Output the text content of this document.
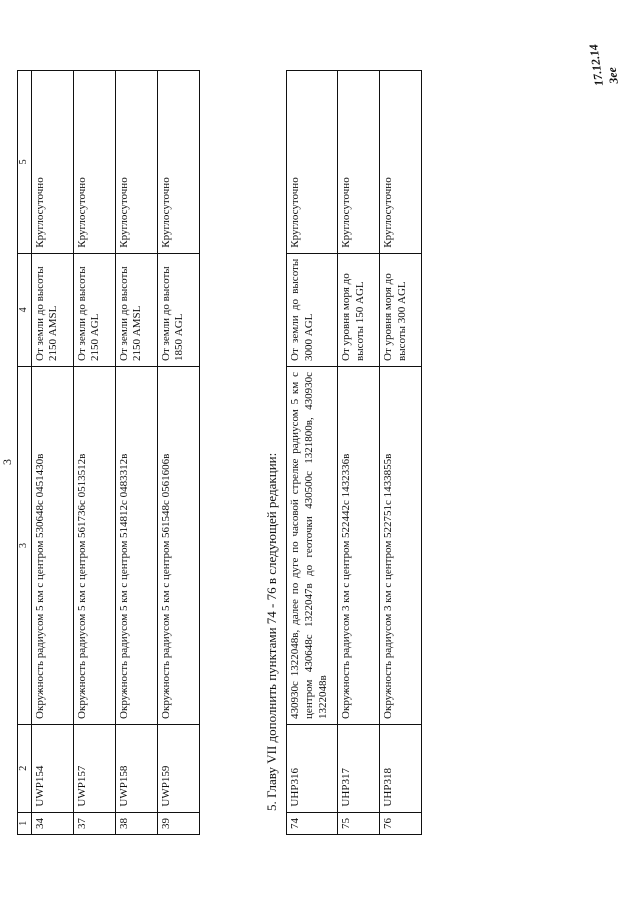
3
1	2	3	4	5
34	UWP154	Окружность радиусом 5 км с центром 530648с 0451430в	От земли до высоты 2150 AMSL	Круглосуточно
37	UWP157	Окружность радиусом 5 км с центром 561736с 0513512в	От земли до высоты 2150 AGL	Круглосуточно
38	UWP158	Окружность радиусом 5 км с центром 514812с 0483312в	От земли до высоты 2150 AMSL	Круглосуточно
39	UWP159	Окружность радиусом 5 км с центром 561548с 0561606в	От земли до высоты 1850 AGL	Круглосуточно
5. Главу VII дополнить пунктами 74 - 76 в следующей редакции:
74	UHP316	430930с 1322048в, далее по дуге по часовой стрелке радиусом 5 км с центром 430648с 1322047в до геоточки 430500с 1321800в, 430930с 1322048в	От земли до высоты 3000 AGL	Круглосуточно
75	UHP317	Окружность радиусом 3 км с центром 522442с 1432336в	От уровня моря до высоты 150 AGL	Круглосуточно
76	UHP318	Окружность радиусом 3 км с центром 522751с 1433855в	От уровня моря до высоты 300 AGL	Круглосуточно
17.12.14
Зее
